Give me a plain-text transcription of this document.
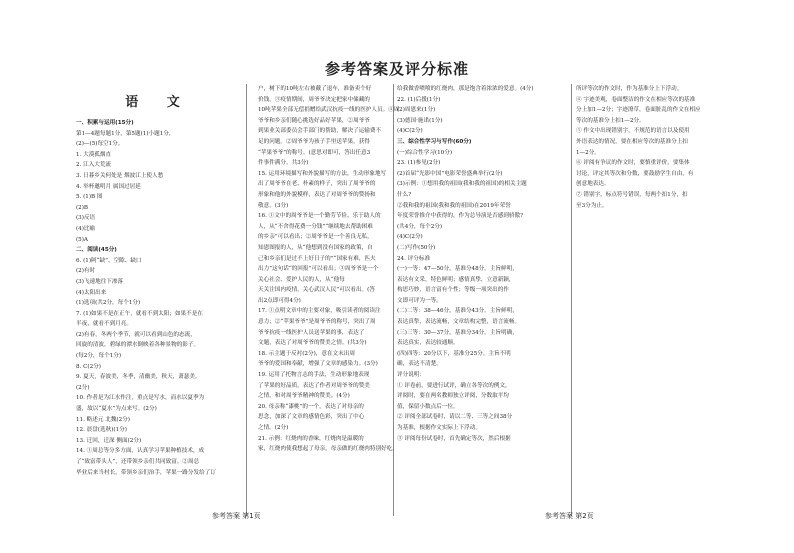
参考答案及评分标准
语 文

一、积累与运用(15分)

第1—4题每题1分，第5题(1)小题1分，

(2)—(5)每空1分。

1. 大漠孤烟直

2. 江入大荒流

3. 日暮乡关何处是 烟波江上使人愁

4. 举杯邀明月 属国过居延

5. (1)B 图

(2)B

(3)反语

(4)比喻

(5)A

二、阅读(45分)

6. (1)阿“缺”、空隙、缺口

(2)有时

(3)飞速地往下渗落

(4)太阳出来

(1)选项(共2分，每个1分)

7. (1)如果不是在正午，就看不到太阳；如果不是在

半夜，就看不到月亮。

(2)有春，冬两个季节，就可以看到山色的态流，

回旋的清波，碧绿的潭水倒映着各种景物的影子。

(每2分，每个1分)

8. C(2分)

9. 夏天，春波美，冬季，清幽美，秋天，萧瑟美。

(2分)

10. 作者是为江水作注，重点是写水，而水以夏季为

盛，故以“夏水”为点来写。(2分)

11. 略述元 北魏(2分)

12. 晨盘(选秋)(1分)

13. 迁回，迁深 侧面(2分)

14. ①周总等分多方面，认真学习苹果种植技术，成

了“致富带头人”，还带领乡亲们共同致富。②周总

毕业后来当村长，带领乡亲们治手，苹果一路分发给了订

户，树下的10吨左右被戴了退车，准备卖个好

价钱。③疫情期间，周爷爷决定把家中储藏的

10吨苹果全部无偿捐赠给武汉抗疫一线的医护人员。④周

爷爷和乡亲们随心挑选好品好苹果，②周爷爷

到果业关部委员会手部门的帮助，解决了运输费不

足的问题。②周爷爷为孩子手里送苹果，获得

“苹果爷爷”的称号。(意思对即可，答出任意3

件事件满分。共3分)

15. 运用环境描写和外貌描写的方法，生动形象地写

出了周爷爷在老、朴素的样子，突出了周爷爷的

形象和他的外貌模样，表达了对周爷爷的赞扬和

敬意。(3分)

16. ①文中的周爷爷是一个勤劳节俭、乐于助人的

人，从“不舍得花费一分钱”“继续地去帮助困难

的乡亲”可以看出；②周爷爷是一个善良无私，

知恩图报的人，从“他想到没有国家的政策，自

己和乡亲们是过不上好日子的”“国家有难，匹夫

出力”这句话“的回报”可以看出；③周爷爷是一个

关心社会、爱护人民的人，从“他每

天关注国内疫情，关心武汉人民”可以看出。(答

出2点即可得4分)

17. ①点明文章中的主要对象，吸引读者的阅读注

意力；②“苹果爷爷”是周爷爷的称号，突出了周

爷爷抗疫一线医护人员送苹果的事，表达了

文题，表达了对周爷爷的赞美之情。(共3分)

18. 示主题于反衬(2分)，意在文末出周

爷爷的爱国和奉献，增强了文章的感染力。(3分)

19. 运用了托物言志的手法，生动形象地表现

了苹果的好品质，表达了作者对周爷爷的赞美

之情，和对周爷爷精神的赞美。(4分)

20. 母亲称“漆桃”的一个，表达了对母亲的

思念，加深了文章的感情色彩，突出了中心

之情。(2分)

21. 示例：红烧肉的香味，红烧肉是温暖的

家，红烧肉使我想起了母亲，母亲做的红烧肉特别好吃。

给我做香喷喷的红烧肉，那是饱含着浓浓的爱意。(4分)

22. (1)后援(1分)

(2)周恩来(1分)

(3)德国·施诺(1分)

(4)C(2分)

三、综合性学习与写作(60分)

(一)综合性学习(10分)

23. (1)参见(2分)

(2)首届“光影中国”电影荣誉盛典举行(2分)

(3)示例：①想用我的祖国(我和我的祖国)的相关主题

什么?

②我和我的祖国(我和我的祖国)在2019年荣誉

年度荣誉推介中获得的，作为总导演是否感到骄傲?

(共4分，每个2分)

(4)C(2分)

(二)写作(50分)

24. 评分标准

(一)一等：47—50分，基准分48分。主旨鲜明，

表达有文采，特色鲜明；感情真挚，立意新颖，

构思巧妙，语言富有个性；等级一项突出的作

文即可评为一等。

(二)二等：38—46分，基准分43分。主旨鲜明，

表达真挚，表达流畅，文章结构完整，语言流畅。

(三)三等：30—37分，基准分34分。主旨明确，

表达真实，表达较通顺。

(四)四等：20分以下，基准分25分。主旨不明

确，表达不清楚。

评分说明：

① 评卷前，要进行试评，确立各等次的例文，

评阅时，要在两名教师独立评阅，分数取平均

值，保留小数点后一位。

② 评阅全部试卷时，请以二等、三等之间38分

为基准，根据作文实际上下浮动。

③ 评阅每份试卷时，首先确定等次，然后根据

所评等次的作文时，作为基准分上下浮动。

④ 字迹美观，卷面整洁的作文在相应等次的基准

分上加1—2分；字迹潦草，卷面脏乱的作文在相应

等次的基准分上扣1—2分。

⑤ 作文中出现错别字，不规范的语言以及使用

外语表达的情况，要在相应等次的基准分上扣

1—2分。

⑥ 评阅有争议的作文时，要慎重评价，要集体

讨论，评定其等次和分数，要鼓励学生自由，有

创意地表达。

⑦ 错别字，标点符号错误，每两个扣1分，扣

至3分为止。

参考答案 第1页	参考答案 第2页
